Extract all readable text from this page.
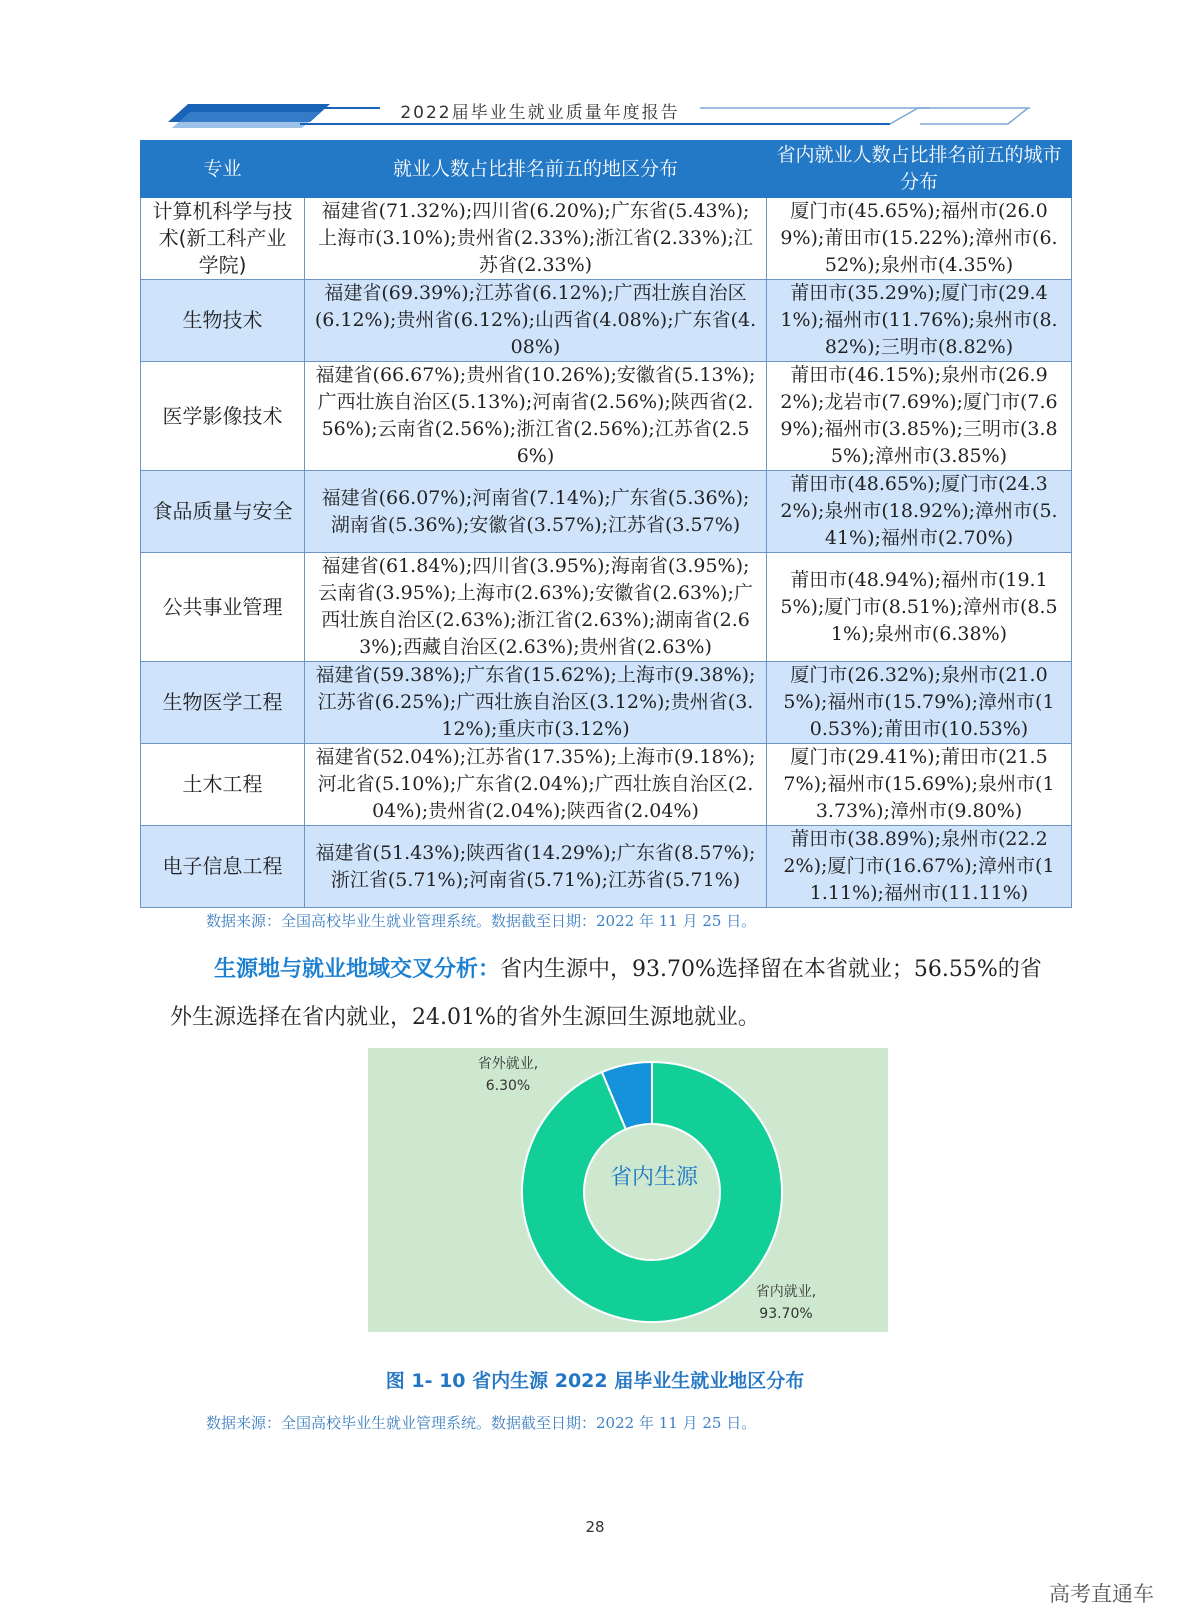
2022届毕业生就业质量年度报告
专业	就业人数占比排名前五的地区分布	省内就业人数占比排名前五的城市分布
计算机科学与技术(新工科产业学院)	福建省(71.32%);四川省(6.20%);广东省(5.43%);上海市(3.10%);贵州省(2.33%);浙江省(2.33%);江苏省(2.33%)	厦门市(45.65%);福州市(26.09%);莆田市(15.22%);漳州市(6.52%);泉州市(4.35%)
生物技术	福建省(69.39%);江苏省(6.12%);广西壮族自治区(6.12%);贵州省(6.12%);山西省(4.08%);广东省(4.08%)	莆田市(35.29%);厦门市(29.41%);福州市(11.76%);泉州市(8.82%);三明市(8.82%)
医学影像技术	福建省(66.67%);贵州省(10.26%);安徽省(5.13%);广西壮族自治区(5.13%);河南省(2.56%);陕西省(2.56%);云南省(2.56%);浙江省(2.56%);江苏省(2.56%)	莆田市(46.15%);泉州市(26.92%);龙岩市(7.69%);厦门市(7.69%);福州市(3.85%);三明市(3.85%);漳州市(3.85%)
食品质量与安全	福建省(66.07%);河南省(7.14%);广东省(5.36%);湖南省(5.36%);安徽省(3.57%);江苏省(3.57%)	莆田市(48.65%);厦门市(24.32%);泉州市(18.92%);漳州市(5.41%);福州市(2.70%)
公共事业管理	福建省(61.84%);四川省(3.95%);海南省(3.95%);云南省(3.95%);上海市(2.63%);安徽省(2.63%);广西壮族自治区(2.63%);浙江省(2.63%);湖南省(2.63%);西藏自治区(2.63%);贵州省(2.63%)	莆田市(48.94%);福州市(19.15%);厦门市(8.51%);漳州市(8.51%);泉州市(6.38%)
生物医学工程	福建省(59.38%);广东省(15.62%);上海市(9.38%);江苏省(6.25%);广西壮族自治区(3.12%);贵州省(3.12%);重庆市(3.12%)	厦门市(26.32%);泉州市(21.05%);福州市(15.79%);漳州市(10.53%);莆田市(10.53%)
土木工程	福建省(52.04%);江苏省(17.35%);上海市(9.18%);河北省(5.10%);广东省(2.04%);广西壮族自治区(2.04%);贵州省(2.04%);陕西省(2.04%)	厦门市(29.41%);莆田市(21.57%);福州市(15.69%);泉州市(13.73%);漳州市(9.80%)
电子信息工程	福建省(51.43%);陕西省(14.29%);广东省(8.57%);浙江省(5.71%);河南省(5.71%);江苏省(5.71%)	莆田市(38.89%);泉州市(22.22%);厦门市(16.67%);漳州市(11.11%);福州市(11.11%)
数据来源：全国高校毕业生就业管理系统。数据截至日期：2022 年 11 月 25 日。
生源地与就业地域交叉分析：省内生源中，93.70%选择留在本省就业；56.55%的省外生源选择在省内就业，24.01%的省外生源回生源地就业。
省内生源
省外就业,
6.30%
省内就业,
93.70%
图 1- 10 省内生源 2022 届毕业生就业地区分布
数据来源：全国高校毕业生就业管理系统。数据截至日期：2022 年 11 月 25 日。
28
高考直通车
